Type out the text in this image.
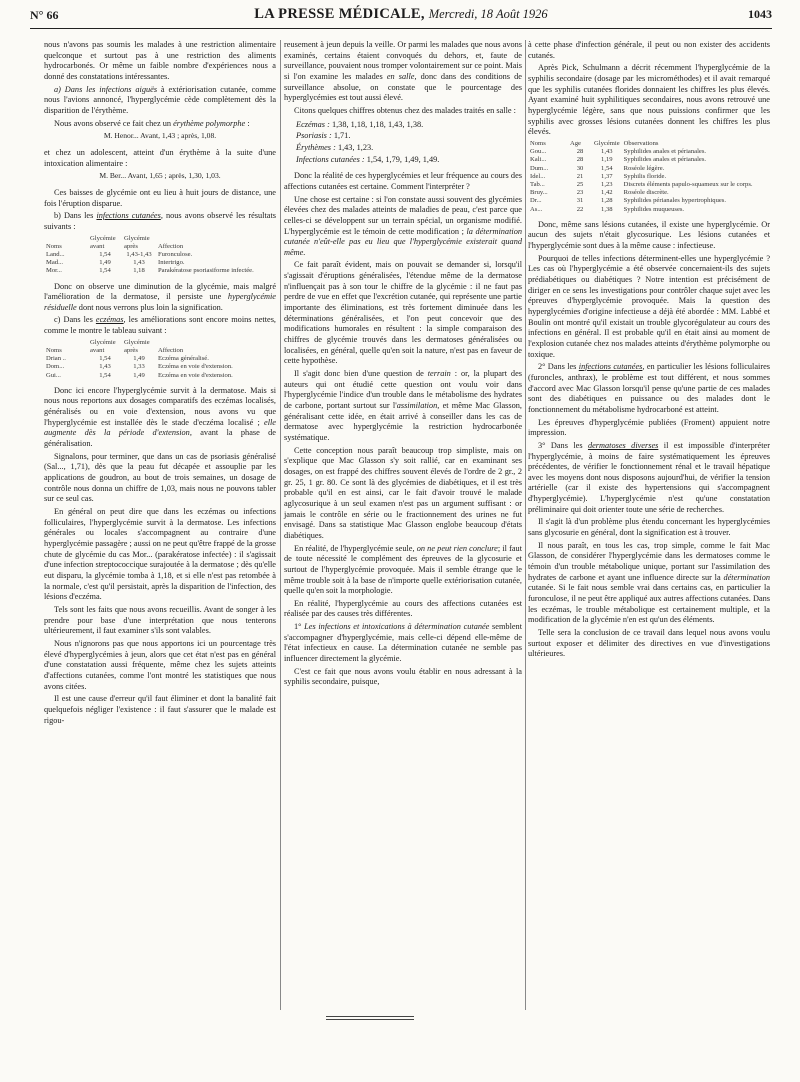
N° 66	LA PRESSE MÉDICALE, Mercredi, 18 Août 1926	1043

nous n'avons pas soumis les malades à une restriction alimentaire quelconque et surtout pas à une restriction des aliments hydrocarbonés. Or même un faible nombre d'expériences nous a donné des constatations intéressantes.

a) Dans les infections aiguës à extériorisation cutanée, comme nous l'avions annoncé, l'hyperglycémie cède complètement dès la disparition de l'érythème.

Nous avons observé ce fait chez un érythème polymorphe :

M. Henor... Avant, 1,43 ; après, 1,08.

et chez un adolescent, atteint d'un érythème à la suite d'une intoxication alimentaire :

M. Ber... Avant, 1,65 ; après, 1,30, 1,03.

Ces baisses de glycémie ont eu lieu à huit jours de distance, une fois l'éruption disparue.

b) Dans les infections cutanées, nous avons observé les résultats suivants :

Noms	Glycémie avant	Glycémie après	Affection
Land...	1,54	1,43-1,43	Furonculose.
Mad...	1,49	1,43	Intertrigo.
Mor...	1,54	1,18	Parakératose psoriasiforme infectée.

Donc on observe une diminution de la glycémie, mais malgré l'amélioration de la dermatose, il persiste une hyperglycémie résiduelle dont nous verrons plus loin la signification.

c) Dans les eczémas, les améliorations sont encore moins nettes, comme le montre le tableau suivant :

Noms	Glycémie avant	Glycémie après	Affection
Drian ..	1,54	1,49	Eczéma généralisé.
Dom...	1,43	1,33	Eczéma en voie d'extension.
Gui...	1,54	1,49	Eczéma en voie d'extension.

Donc ici encore l'hyperglycémie survit à la dermatose. Mais si nous nous reportons aux dosages comparatifs des eczémas localisés, généralisés ou en voie d'extension, nous avons vu que l'hyperglycémie est installée dès le stade d'eczéma localisé ; elle augmente dès la période d'extension, avant la phase de généralisation.

Signalons, pour terminer, que dans un cas de psoriasis généralisé (Sal..., 1,71), dès que la peau fut décapée et assouplie par les applications de goudron, au bout de trois semaines, un dosage de contrôle nous donna un chiffre de 1,03, mais nous ne pouvons tabler sur ce seul cas.

En général on peut dire que dans les eczémas ou infections folliculaires, l'hyperglycémie survit à la dermatose. Les infections générales ou locales s'accompagnent au contraire d'une hyperglycémie passagère ; aussi on ne peut qu'être frappé de la grosse chute de glycémie du cas Mor... (parakératose infectée) : il s'agissait d'une infection streptococcique surajoutée à la dermatose ; dès qu'elle eut disparu, la glycémie tomba à 1,18, et si elle n'est pas retombée à la normale, c'est qu'il persistait, après la disparition de l'infection, des lésions d'eczéma.

Tels sont les faits que nous avons recueillis. Avant de songer à les prendre pour base d'une interprétation que nous tenterons ultérieurement, il faut examiner s'ils sont valables.

Nous n'ignorons pas que nous apportons ici un pourcentage très élevé d'hyperglycémies à jeun, alors que cet état n'est pas en général d'une constatation aussi fréquente, même chez les sujets atteints d'affections cutanées, comme l'ont montré les statistiques que nous avons citées.

Il est une cause d'erreur qu'il faut éliminer et dont la banalité fait quelquefois négliger l'existence : il faut s'assurer que le malade est rigou-

reusement à jeun depuis la veille. Or parmi les malades que nous avons examinés, certains étaient convoqués du dehors, et, faute de surveillance, pouvaient nous tromper volontairement sur ce point. Mais si l'on examine les malades en salle, donc dans des conditions de surveillance absolue, on constate que le pourcentage des hyperglycémies est tout aussi élevé.

Citons quelques chiffres obtenus chez des malades traités en salle :

Eczémas : 1,38, 1,18, 1,18, 1,43, 1,38.
Psoriasis : 1,71.
Érythèmes : 1,43, 1,23.
Infections cutanées : 1,54, 1,79, 1,49, 1,49.

Donc la réalité de ces hyperglycémies et leur fréquence au cours des affections cutanées est certaine. Comment l'interpréter ?

Une chose est certaine : si l'on constate aussi souvent des glycémies élevées chez des malades atteints de maladies de peau, c'est parce que celles-ci se développent sur un terrain spécial, un organisme modifié. L'hyperglycémie est le témoin de cette modification ; la détermination cutanée n'eût-elle pas eu lieu que l'hyperglycémie existerait quand même.

Ce fait paraît évident, mais on pouvait se demander si, lorsqu'il s'agissait d'éruptions généralisées, l'étendue même de la dermatose n'influençait pas à son tour le chiffre de la glycémie : il ne faut pas perdre de vue en effet que l'excrétion cutanée, qui représente une partie importante des éliminations, est très fortement diminuée dans les déterminations généralisées, et l'on peut concevoir que des modifications humorales en résultent : la simple comparaison des chiffres de glycémie trouvés dans les dermatoses généralisées ou localisées, en général, quelle qu'en soit la nature, n'est pas en faveur de cette hypothèse.

Il s'agit donc bien d'une question de terrain : or, la plupart des auteurs qui ont étudié cette question ont voulu voir dans l'hyperglycémie l'indice d'un trouble dans le métabolisme des hydrates de carbone, portant surtout sur l'assimilation, et même Mac Glasson, généralisant cette idée, en était arrivé à conseiller dans les cas de dermatose avec hyperglycémie la restriction hydrocarbonée systématique.

Cette conception nous paraît beaucoup trop simpliste, mais on s'explique que Mac Glasson s'y soit rallié, car en examinant ses dosages, on est frappé des chiffres souvent élevés de l'ordre de 2 gr., 2 gr. 25, 1 gr. 80. Ce sont là des glycémies de diabétiques, et il est très probable qu'il en est ainsi, car le fait d'avoir trouvé le malade aglycosurique à un seul examen n'est pas un argument suffisant : or jamais le contrôle en série ou le fractionnement des urines ne fut envisagé. Dans sa statistique Mac Glasson englobe beaucoup d'états diabétiques.

En réalité, de l'hyperglycémie seule, on ne peut rien conclure; il faut de toute nécessité le complément des épreuves de la glycosurie et surtout de l'hyperglycémie provoquée. Mais il semble étrange que le même trouble soit à la base de n'importe quelle extériorisation cutanée, quelle qu'en soit la morphologie.

En réalité, l'hyperglycémie au cours des affections cutanées est réalisée par des causes très différentes.

1° Les infections et intoxications à détermination cutanée semblent s'accompagner d'hyperglycémie, mais celle-ci dépend elle-même de l'état infectieux en cause. La détermination cutanée ne semble pas influencer directement la glycémie.

C'est ce fait que nous avons voulu établir en nous adressant à la syphilis secondaire, puisque,

à cette phase d'infection générale, il peut ou non exister des accidents cutanés.

Après Pick, Schulmann a décrit récemment l'hyperglycémie de la syphilis secondaire (dosage par les microméthodes) et il avait remarqué que les syphilis cutanées florides donnaient les chiffres les plus élevés. Ayant examiné huit syphilitiques secondaires, nous avons retrouvé une hyperglycémie légère, sans que nous puissions confirmer que les syphilis avec grosses lésions cutanées donnent les chiffres les plus élevés.

Noms	Age	Glycémie	Observations
Gou...	28	1,43	Syphilides anales et périanales.
Kali...	28	1,19	Syphilides anales et périanales.
Dum...	30	1,54	Roséole légère.
Idel...	21	1,37	Syphilis floride.
Tab...	25	1,23	Discrets éléments papulo-squameux sur le corps.
Bruy...	23	1,42	Roséole discrète.
Dr...	31	1,28	Syphilides périanales hypertrophiques.
As...	22	1,38	Syphilides muqueuses.

Donc, même sans lésions cutanées, il existe une hyperglycémie. Or aucun des sujets n'était glycosurique. Les lésions cutanées et l'hyperglycémie sont dues à la même cause : infectieuse.

Pourquoi de telles infections déterminent-elles une hyperglycémie ? Les cas où l'hyperglycémie a été observée concernaient-ils des sujets prédiabétiques ou diabétiques ? Notre intention est précisément de diriger en ce sens les investigations pour contrôler chaque sujet avec les épreuves d'hyperglycémie provoquée. Mais la question des hyperglycémies d'origine infectieuse a déjà été abordée : MM. Labbé et Boulin ont montré qu'il existait un trouble glycorégulateur au cours des infections en général. Il est probable qu'il en était ainsi au moment de l'explosion cutanée chez nos malades atteints d'érythème polymorphe ou toxique.

2° Dans les infections cutanées, en particulier les lésions folliculaires (furoncles, anthrax), le problème est tout différent, et nous sommes d'accord avec Mac Glasson lorsqu'il pense qu'une partie de ces malades sont des diabétiques en puissance ou des malades dont le fonctionnement du métabolisme hydrocarboné est atteint.

Les épreuves d'hyperglycémie publiées (Froment) appuient notre impression.

3° Dans les dermatoses diverses il est impossible d'interpréter l'hyperglycémie, à moins de faire systématiquement les épreuves précédentes, de vérifier le fonctionnement rénal et le travail hépatique avec les moyens dont nous disposons aujourd'hui, de vérifier la tension artérielle (car il existe des hypertensions qui s'accompagnent d'hyperglycémie). L'hyperglycémie n'est qu'une constatation préliminaire qui doit orienter toute une série de recherches.

Il s'agit là d'un problème plus étendu concernant les hyperglycémies sans glycosurie en général, dont la signification est à trouver.

Il nous paraît, en tous les cas, trop simple, comme le fait Mac Glasson, de considérer l'hyperglycémie dans les dermatoses comme le témoin d'un trouble métabolique unique, portant sur l'assimilation des hydrates de carbone et ayant une influence directe sur la détermination cutanée. Si le fait nous semble vrai dans certains cas, en particulier la furonculose, il ne peut être appliqué aux autres affections cutanées. Dans les eczémas, le trouble métabolique est certainement multiple, et la modification de la glycémie n'en est qu'un des éléments.

Telle sera la conclusion de ce travail dans lequel nous avons voulu surtout exposer et délimiter des directives en vue d'investigations ultérieures.
